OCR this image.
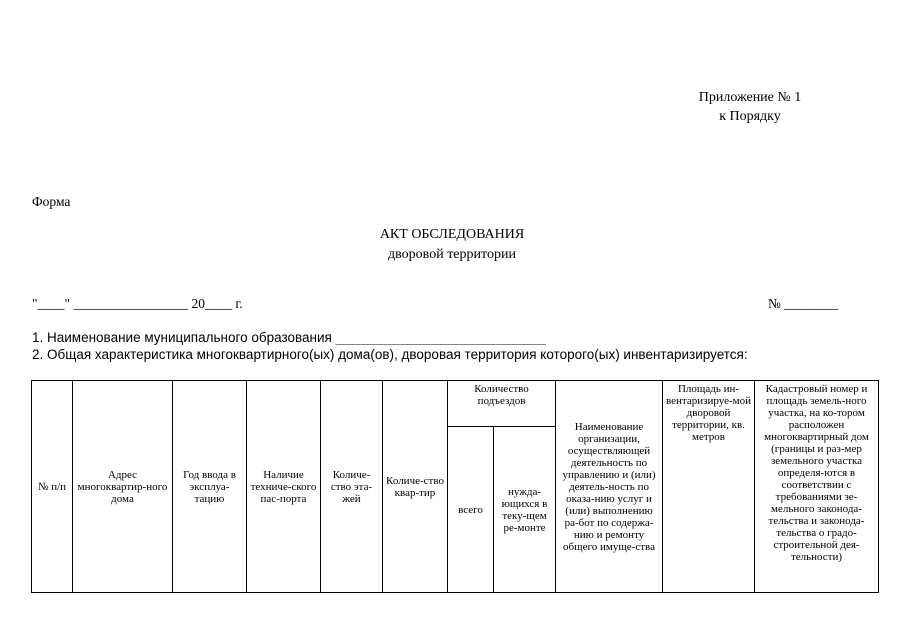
Приложение № 1
к Порядку
Форма
АКТ ОБСЛЕДОВАНИЯ
дворовой территории
"____" _________________ 20____ г.	№ ________
1. Наименование муниципального образования ____________________________
2. Общая характеристика многоквартирного(ых) дома(ов), дворовая территория которого(ых) инвентаризируется:
№ п/п	Адрес многоквартир-ного дома	Год ввода в эксплуа-тацию	Наличие техниче-ского пас-порта	Количе-ство эта-жей	Количе-ство квар-тир	Количество подъездов		Наименование организации, осуществляющей деятельность по управлению и (или) деятель-ность по оказа-нию услуг и (или) выполнению ра-бот по содержа-нию и ремонту общего имуще-ства	Площадь ин-вентаризируе-мой дворовой территории, кв. метров	Кадастровый номер и площадь земель-ного участка, на ко-тором расположен многоквартирный дом (границы и раз-мер земельного участка определя-ются в соответствии с требованиями зе-мельного законода-тельства и законода-тельства о градо-строительной дея-тельности)
						всего	нужда-ющихся в теку-щем ре-монте			
